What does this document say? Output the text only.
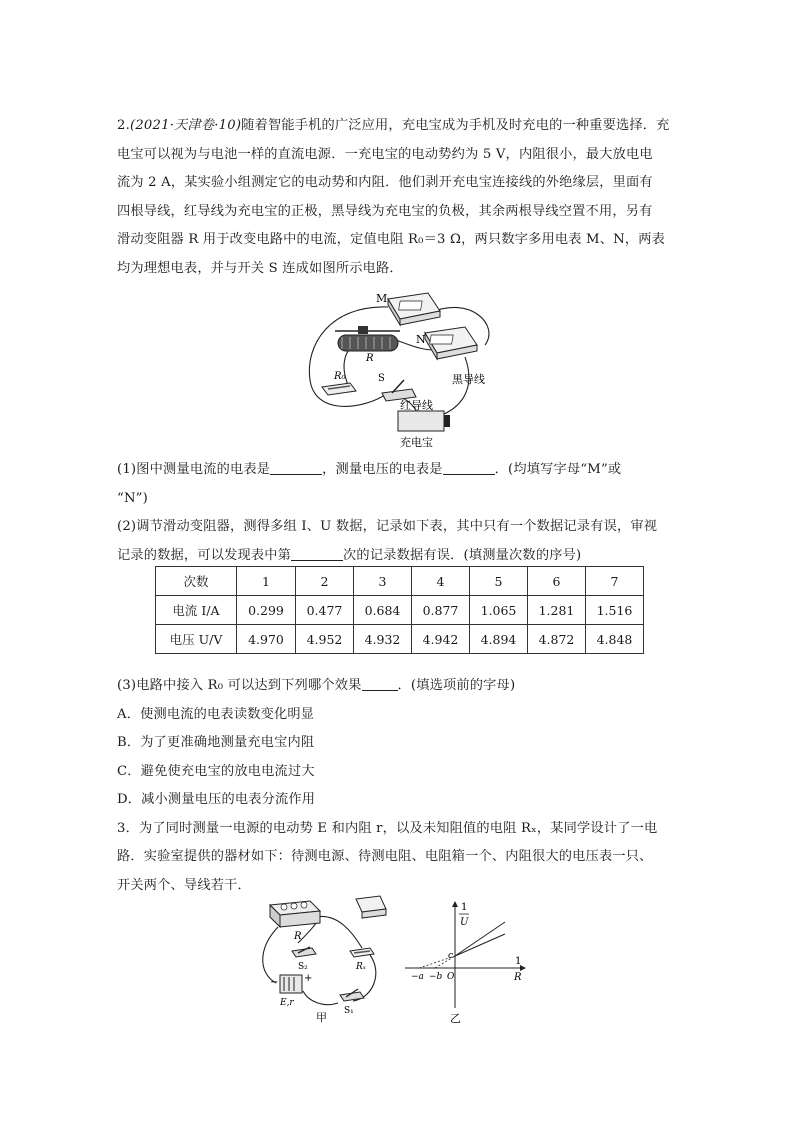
2.(2021·天津卷·10)随着智能手机的广泛应用，充电宝成为手机及时充电的一种重要选择．充
电宝可以视为与电池一样的直流电源．一充电宝的电动势约为 5 V，内阻很小，最大放电电
流为 2 A，某实验小组测定它的电动势和内阻．他们剥开充电宝连接线的外绝缘层，里面有
四根导线，红导线为充电宝的正极，黑导线为充电宝的负极，其余两根导线空置不用，另有
滑动变阻器 R 用于改变电路中的电流，定值电阻 R₀＝3 Ω，两只数字多用电表 M、N，两表
均为理想电表，并与开关 S 连成如图所示电路．
M
N
R
R₀	S	黑导线
红导线
充电宝
(1)图中测量电流的电表是	，测量电压的电表是	．(均填写字母“M”或
“N”)
(2)调节滑动变阻器，测得多组 I、U 数据，记录如下表，其中只有一个数据记录有误，审视
记录的数据，可以发现表中第	次的记录数据有误．(填测量次数的序号)
次数	1	2	3	4	5	6	7
电流 I/A	0.299	0.477	0.684	0.877	1.065	1.281	1.516
电压 U/V	4.970	4.952	4.932	4.942	4.894	4.872	4.848
(3)电路中接入 R₀ 可以达到下列哪个效果	．(填选项前的字母)
A．使测电流的电表读数变化明显
B．为了更准确地测量充电宝内阻
C．避免使充电宝的放电电流过大
D．减小测量电压的电表分流作用
3．为了同时测量一电源的电动势 E 和内阻 r，以及未知阻值的电阻 Rₓ，某同学设计了一电
路．实验室提供的器材如下：待测电源、待测电阻、电阻箱一个、内阻很大的电压表一只、
开关两个、导线若干．
R
S₂	Rₓ
−	+
E,r
S₁
甲
1
U
1
R
c
O
−a −b
乙
